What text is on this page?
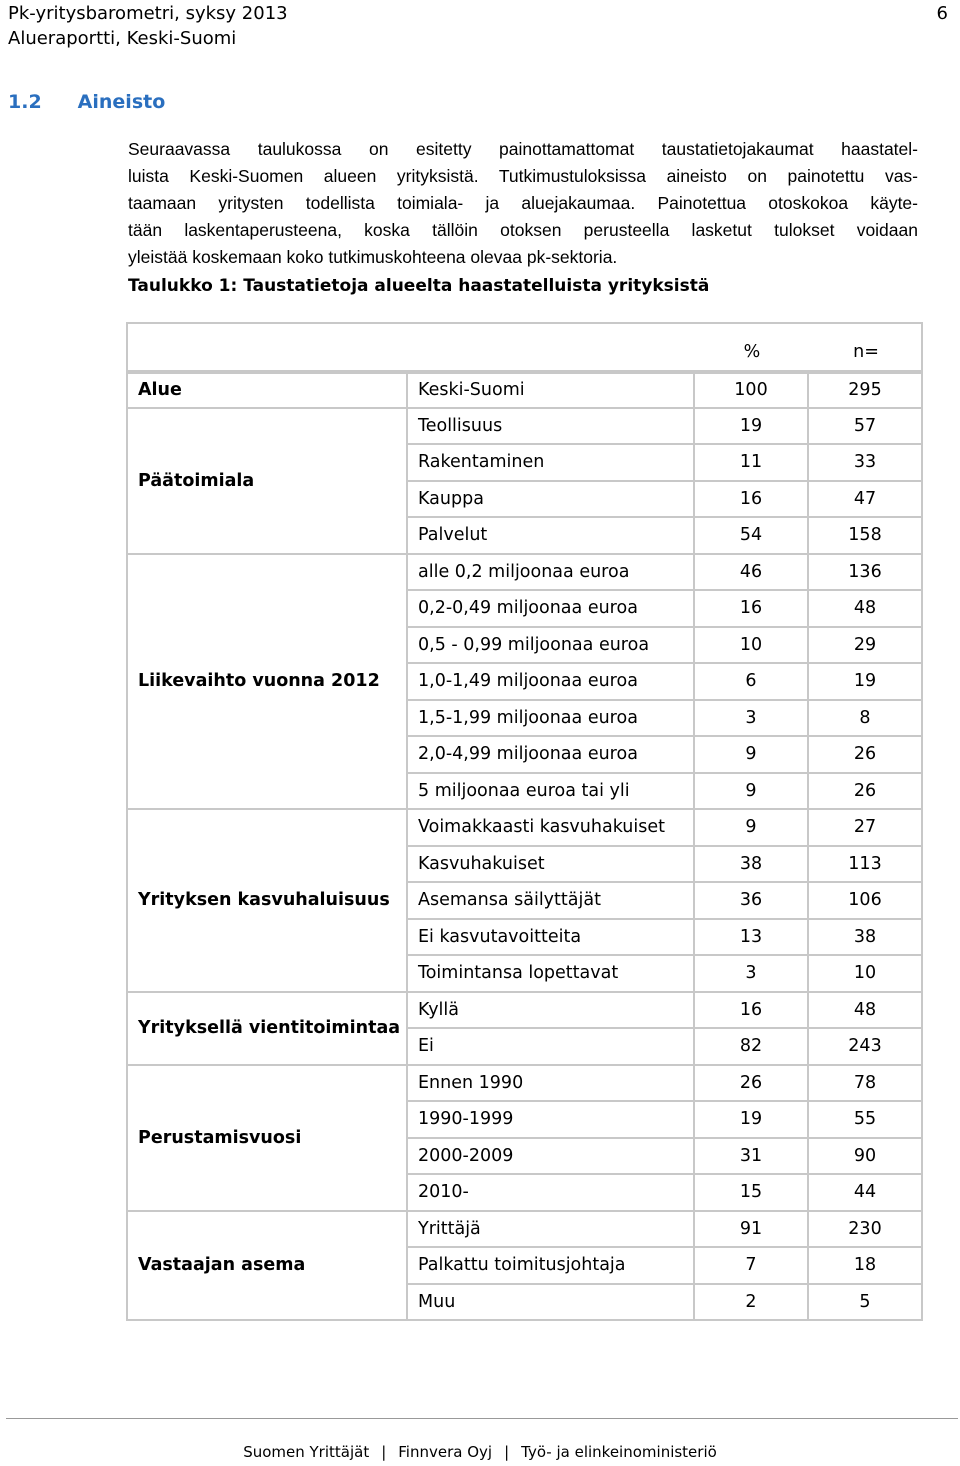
Pk-yritysbarometri, syksy 2013
Alueraportti, Keski-Suomi
6
1.2 Aineisto
Seuraavassa taulukossa on esitetty painottamattomat taustatietojakaumat haastatel-
luista Keski-Suomen alueen yrityksistä. Tutkimustuloksissa aineisto on painotettu vas-
taamaan yritysten todellista toimiala- ja aluejakaumaa. Painotettua otoskokoa käyte-
tään laskentaperusteena, koska tällöin otoksen perusteella lasketut tulokset voidaan
yleistää koskemaan koko tutkimuskohteena olevaa pk-sektoria.
Taulukko 1: Taustatietoja alueelta haastatelluista yrityksistä
%	n=
Alue	Keski-Suomi	100	295
Päätoimiala
Teollisuus	19	57
Rakentaminen	11	33
Kauppa	16	47
Palvelut	54	158
Liikevaihto vuonna 2012
alle 0,2 miljoonaa euroa	46	136
0,2-0,49 miljoonaa euroa	16	48
0,5 - 0,99 miljoonaa euroa	10	29
1,0-1,49 miljoonaa euroa	6	19
1,5-1,99 miljoonaa euroa	3	8
2,0-4,99 miljoonaa euroa	9	26
5 miljoonaa euroa tai yli	9	26
Yrityksen kasvuhaluisuus
Voimakkaasti kasvuhakuiset	9	27
Kasvuhakuiset	38	113
Asemansa säilyttäjät	36	106
Ei kasvutavoitteita	13	38
Toimintansa lopettavat	3	10
Yrityksellä vientitoimintaa
Kyllä	16	48
Ei	82	243
Perustamisvuosi
Ennen 1990	26	78
1990-1999	19	55
2000-2009	31	90
2010-	15	44
Vastaajan asema
Yrittäjä	91	230
Palkattu toimitusjohtaja	7	18
Muu	2	5
Suomen Yrittäjät | Finnvera Oyj | Työ- ja elinkeinoministeriö
